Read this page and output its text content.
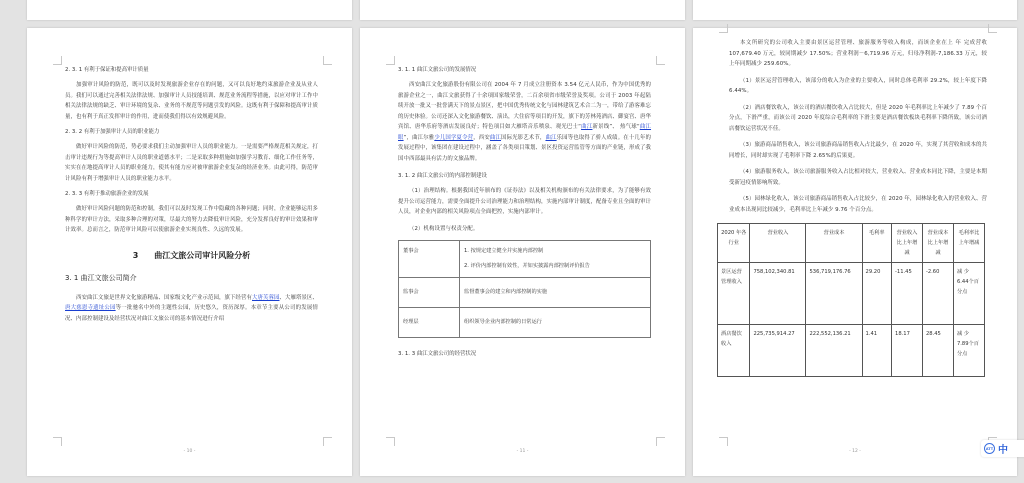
2. 3. 1 有利于保证和提高审计质量

加强审计风险的防范，既可以及时发现旅游企业存在的问题，又可以良好地约束旅游企业及从业人员。我们可以通过完善相关法律法规、加强审计人员技能培训、规范业务流程等措施，以应对审计工作中相关法律法规的缺乏、审计环境的复杂、业务的不规范等问题引发的风险。这既有利于保障和提高审计质量，也有利于真正发挥审计的作用，进而使我们得以有效规避风险。

2. 3. 2 有利于加强审计人员的职业能力

做好审计风险的防范，势必要求我们主动加强审计人员的职业能力。一是需要严格规范相关规定，打击审计违规行为等提高审计人员的职业道德水平；二是采取多种措施如加强学习教育、细化工作任务等，实实在在地提高审计人员的职业能力，使其有能力应对被审旅游企业复杂的经济业务。由此可得，防范审计风险有利于增强审计人员的职业能力水平。

2. 3. 3 有利于推动旅游企业的发展

做好审计风险问题的防范和控制，我们可以及时发现工作中隐藏的各种问题；同时，企业能够运用多种科学的审计方法，采取多种合理的对策，尽最大的努力去降低审计风险，充分发挥良好的审计效果和审计效率。总而言之，防范审计风险可以使旅游企业实现良性、久远的发展。

3 曲江文旅公司审计风险分析
3. 1 曲江文旅公司简介

西安曲江文旅是世界文化旅游精品、国家级文化产业示范园，旗下经营有大唐芙蓉园、大雁塔景区、唐大慈恩寺遗址公园等一批驰名中外的主题性公园，历史悠久，资历深厚。本章节主要从公司的发展情况、内部控制建设及经营状况对曲江文旅公司的基本情况进行介绍

- 10 -
3. 1. 1 曲江文旅公司的发展情况

西安曲江文化旅游股份有限公司在 2004 年 7 月成立注册资本 3.54 亿元人民币，作为中国优秀的旅游企业之一，曲江文旅获得了十余项国家级荣誉，二百余项省市级荣誉及奖项。公司于 2003 年起陆续开放一批又一批誉满天下的景点景区，把中国优秀传统文化与园林建筑艺术合二为一，带给了游客难忘的历史体验。公司还深入文化旅游餐饮、演出，大住宿等项目的开发，旗下的芳林苑酒店、御宴宫、唐华宾馆、唐华乐府等酒店发展良好；特色项目如大雁塔音乐喷泉、观光巴士“曲江新景线”、 热气球“曲江眼”，曲江尔雅少儿国学夏令营，西安曲江国际光影艺术节，曲江乐园等也取得了骄人成绩。在十几年的发展过程中，该集团在建设过程中，涵盖了各类项目策划、景区投资运营监管等方面的产业链，形成了我国中西部最具有活力的文旅品牌。

3. 1. 2 曲江文旅公司的内部控制建设

（1）治理结构。根据我国近年颁布的《证券法》以及相关机构颁布的有关法律要求，为了能够有效提升公司运营能力，需要全面提升公司治理能力和治理结构，实施内部审计制度，配备专业且全面的审计人员，对企业内部的相关风险项点全面把控，实施内部审计。

（2）机构设置与权责分配。

董事会	1. 按规定建立健全并实施内部控制
2. 评价内部控制有效性，并如实披露内部控制评价报告

监事会	监督董事会的建立和内部控制的实施
经理层	组织领导企业内部控制的日常运行
3. 1. 3 曲江文旅公司的经营状况
- 11 -

本文所研究的公司收入主要由景区运营管理、旅游服务等收入构成，而该企业在上 年 完成营收 107,679.40 万元，较同期减少 17.50%；营业利润－6,719.96 万元，归母净利润-7,186.33 万元，较上年同期减少 259.60%。

（1）景区运营管理收入，该部分的收入为企业的主要收入，同时总体毛利率 29.2%，较上年度下降 6.44%。

（2）酒店餐饮收入，该公司的酒店餐饮收入占比较大，但是 2020 年毛利率比上年减少了 7.89 个百分点，下滑严重，而该公司 2020 年度综合毛利率的下滑主要是酒店餐饮板块毛利率下降所致，该公司酒店餐饮运营状况不佳。

（3）旅游商品销售收入，该公司旅游商品销售收入占比最少，在 2020 年，实现了其营收和成本的共同增长，同时却实现了毛利率下降 2.65%的后果更。

（4）旅游服务收入，该公司旅游服务收入占比相对较大，营业收入、营业成本同比下降，主要是本期受新冠疫情影响所致。

（5）园林绿化收入，该公司旅游商品销售收入占比较少，在 2020 年，园林绿化收入的营业收入、营业成本出现同比较减少，毛利率比上年减少 9.76 个百分点。

2020 年各行业	营业收入	营业成本	毛利率	营业收入比上年增减	营业成本比上年增减	毛利率比上年增减
景区运营管理收入	758,102,340.81	536,719,176.76	29.20	-11.45	-2.60	减 少 6.44个百分点
酒店餐饮收入	225,735,914.27	222,552,136.21	1.41	18.17	28.45	减 少 7.89个百分点
- 12 -
ATT 中
